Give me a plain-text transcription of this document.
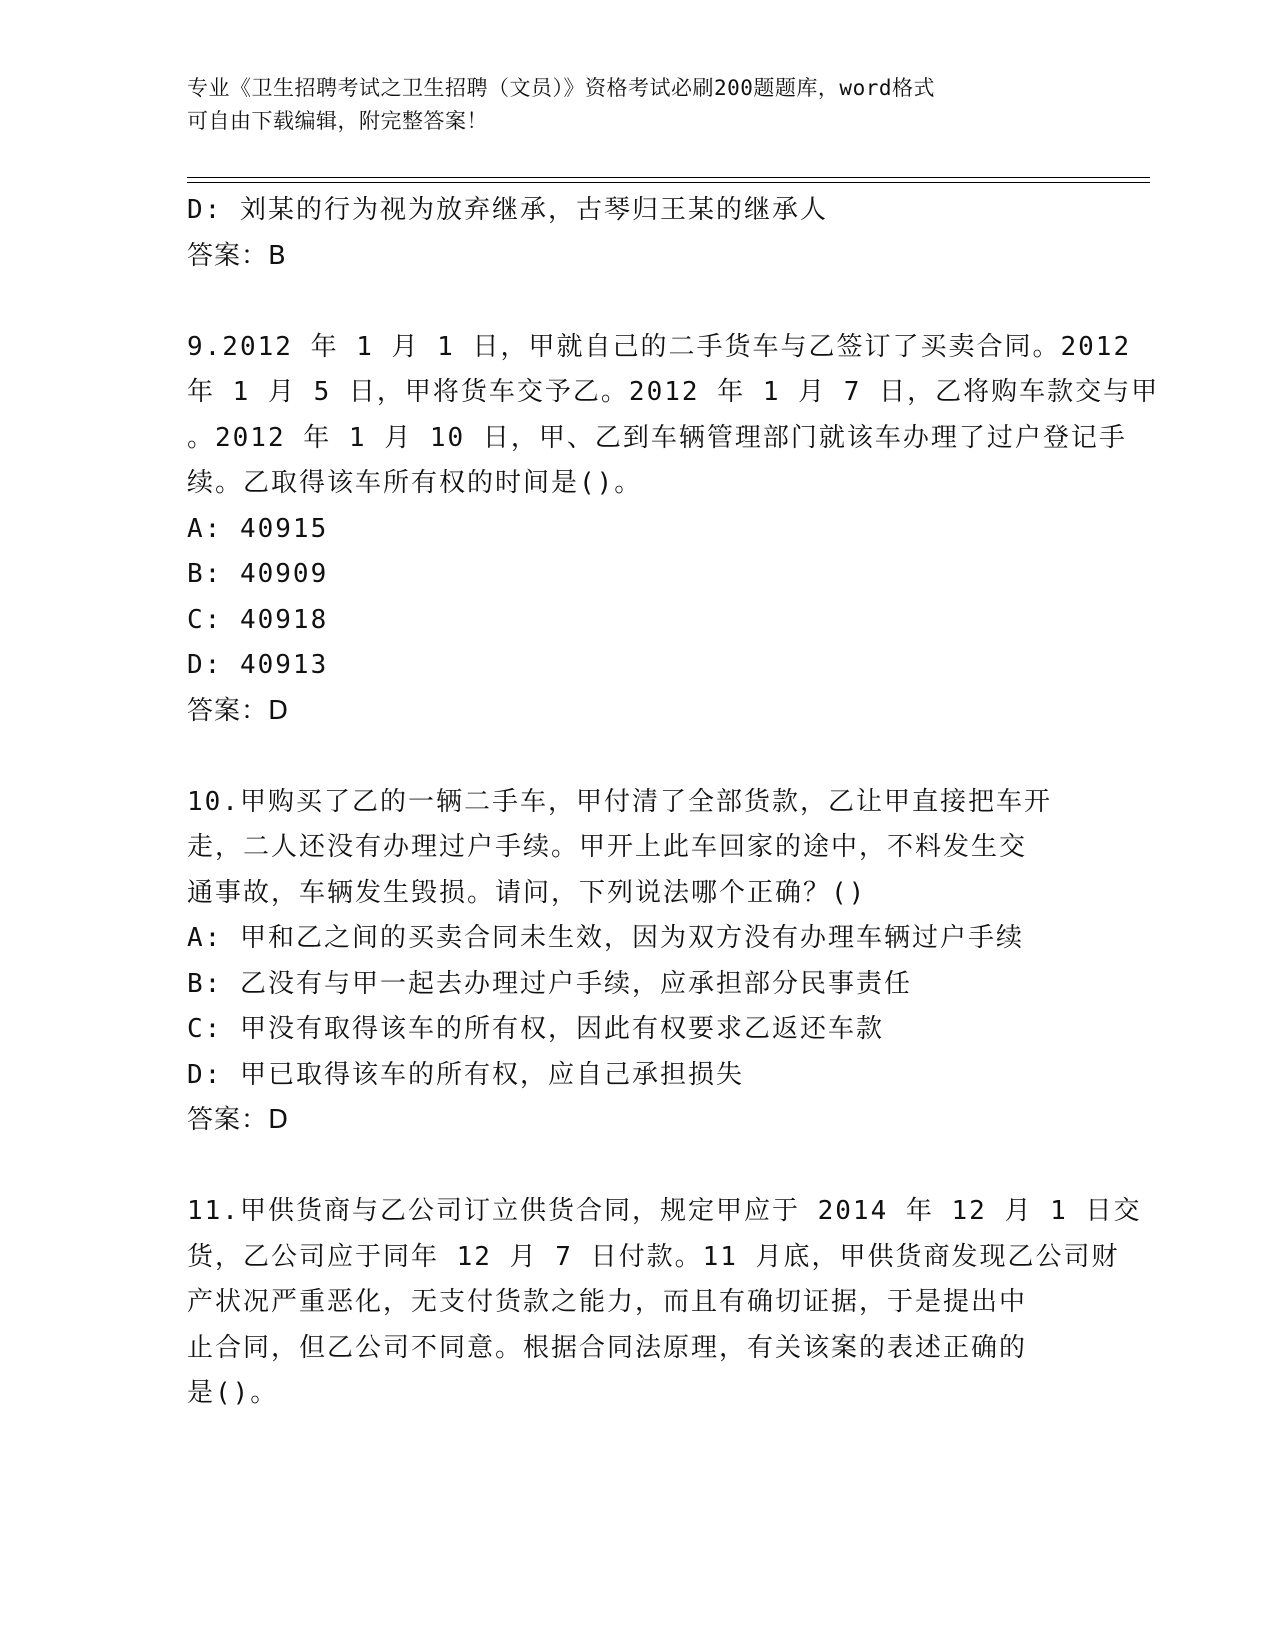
专业《卫生招聘考试之卫生招聘（文员）》资格考试必刷200题题库，word格式
可自由下载编辑，附完整答案！
D: 刘某的行为视为放弃继承，古琴归王某的继承人
答案：B
9.2012 年 1 月 1 日，甲就自己的二手货车与乙签订了买卖合同。2012
年 1 月 5 日，甲将货车交予乙。2012 年 1 月 7 日，乙将购车款交与甲
。2012 年 1 月 10 日，甲、乙到车辆管理部门就该车办理了过户登记手
续。乙取得该车所有权的时间是()。
A: 40915
B: 40909
C: 40918
D: 40913
答案：D
10.甲购买了乙的一辆二手车，甲付清了全部货款，乙让甲直接把车开
走，二人还没有办理过户手续。甲开上此车回家的途中，不料发生交
通事故，车辆发生毁损。请问，下列说法哪个正确？()
A: 甲和乙之间的买卖合同未生效，因为双方没有办理车辆过户手续
B: 乙没有与甲一起去办理过户手续，应承担部分民事责任
C: 甲没有取得该车的所有权，因此有权要求乙返还车款
D: 甲已取得该车的所有权，应自己承担损失
答案：D
11.甲供货商与乙公司订立供货合同，规定甲应于 2014 年 12 月 1 日交
货，乙公司应于同年 12 月 7 日付款。11 月底，甲供货商发现乙公司财
产状况严重恶化，无支付货款之能力，而且有确切证据，于是提出中
止合同，但乙公司不同意。根据合同法原理，有关该案的表述正确的
是()。
